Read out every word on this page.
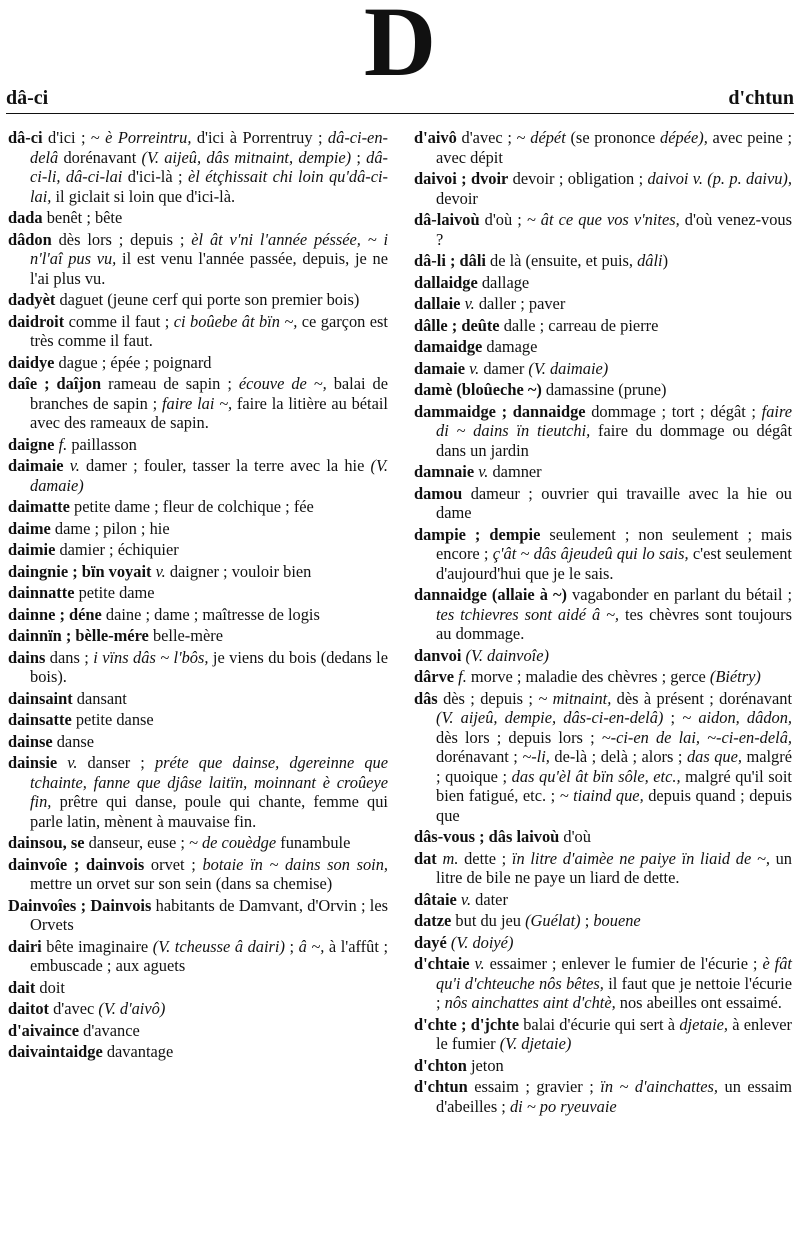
D
dâ-ci	d'chtun
dâ-ci d'ici ; ~ è Porreintru, d'ici à Porrentruy ; dâ-ci-en-delâ dorénavant (V. aijeû, dâs mitnaint, dempie) ; dâ-ci-li, dâ-ci-lai d'ici-là ; èl étçhissait chi loin qu'dâ-ci-lai, il giclait si loin que d'ici-là.
dada benêt ; bête
dâdon dès lors ; depuis ; èl ât v'ni l'année péssée, ~ i n'l'aî pus vu, il est venu l'année passée, depuis, je ne l'ai plus vu.
dadyèt daguet (jeune cerf qui porte son premier bois)
daidroit comme il faut ; ci boûebe ât bïn ~, ce garçon est très comme il faut.
daidye dague ; épée ; poignard
daîe ; daîjon rameau de sapin ; écouve de ~, balai de branches de sapin ; faire lai ~, faire la litière au bétail avec des rameaux de sapin.
daigne f. paillasson
daimaie v. damer ; fouler, tasser la terre avec la hie (V. damaie)
daimatte petite dame ; fleur de colchique ; fée
daime dame ; pilon ; hie
daimie damier ; échiquier
daingnie ; bïn voyait v. daigner ; vouloir bien
dainnatte petite dame
dainne ; déne daine ; dame ; maîtresse de logis
dainnïn ; bèlle-mére belle-mère
dains dans ; i vïns dâs ~ l'bôs, je viens du bois (dedans le bois).
dainsaint dansant
dainsatte petite danse
dainse danse
dainsie v. danser ; préte que dainse, dgereinne que tchainte, fanne que djâse laitïn, moinnant è croûeye fin, prêtre qui danse, poule qui chante, femme qui parle latin, mènent à mauvaise fin.
dainsou, se danseur, euse ; ~ de couèdge funambule
dainvoîe ; dainvois orvet ; botaie ïn ~ dains son soin, mettre un orvet sur son sein (dans sa chemise)
Dainvoîes ; Dainvois habitants de Damvant, d'Orvin ; les Orvets
dairi bête imaginaire (V. tcheusse â dairi) ; â ~, à l'affût ; embuscade ; aux aguets
dait doit
daitot d'avec (V. d'aivô)
d'aivaince d'avance
daivaintaidge davantage
d'aivô d'avec ; ~ dépét (se prononce dépée), avec peine ; avec dépit
daivoi ; dvoir devoir ; obligation ; daivoi v. (p. p. daivu), devoir
dâ-laivoù d'où ; ~ ât ce que vos v'nites, d'où venez-vous ?
dâ-li ; dâli de là (ensuite, et puis, dâli)
dallaidge dallage
dallaie v. daller ; paver
dâlle ; deûte dalle ; carreau de pierre
damaidge damage
damaie v. damer (V. daimaie)
damè (bloûeche ~) damassine (prune)
dammaidge ; dannaidge dommage ; tort ; dégât ; faire di ~ dains ïn tieutchi, faire du dommage ou dégât dans un jardin
damnaie v. damner
damou dameur ; ouvrier qui travaille avec la hie ou dame
dampie ; dempie seulement ; non seulement ; mais encore ; ç'ât ~ dâs âjeudeû qui lo sais, c'est seulement d'aujourd'hui que je le sais.
dannaidge (allaie à ~) vagabonder en parlant du bétail ; tes tchievres sont aidé â ~, tes chèvres sont toujours au dommage.
danvoi (V. dainvoîe)
dârve f. morve ; maladie des chèvres ; gerce (Biétry)
dâs dès ; depuis ; ~ mitnaint, dès à présent ; dorénavant (V. aijeû, dempie, dâs-ci-en-delâ) ; ~ aidon, dâdon, dès lors ; depuis lors ; ~-ci-en de lai, ~-ci-en-delâ, dorénavant ; ~-li, de-là ; delà ; alors ; das que, malgré ; quoique ; das qu'èl ât bïn sôle, etc., malgré qu'il soit bien fatigué, etc. ; ~ tiaind que, depuis quand ; depuis que
dâs-vous ; dâs laivoù d'où
dat m. dette ; ïn litre d'aimèe ne paiye ïn liaid de ~, un litre de bile ne paye un liard de dette.
dâtaie v. dater
datze but du jeu (Guélat) ; bouene
dayé (V. doiyé)
d'chtaie v. essaimer ; enlever le fumier de l'écurie ; è fât qu'i d'chteuche nôs bêtes, il faut que je nettoie l'écurie ; nôs ainchattes aint d'chtè, nos abeilles ont essaimé.
d'chte ; d'jchte balai d'écurie qui sert à djetaie, à enlever le fumier (V. djetaie)
d'chton jeton
d'chtun essaim ; gravier ; ïn ~ d'ainchattes, un essaim d'abeilles ; di ~ po ryeuvaie
